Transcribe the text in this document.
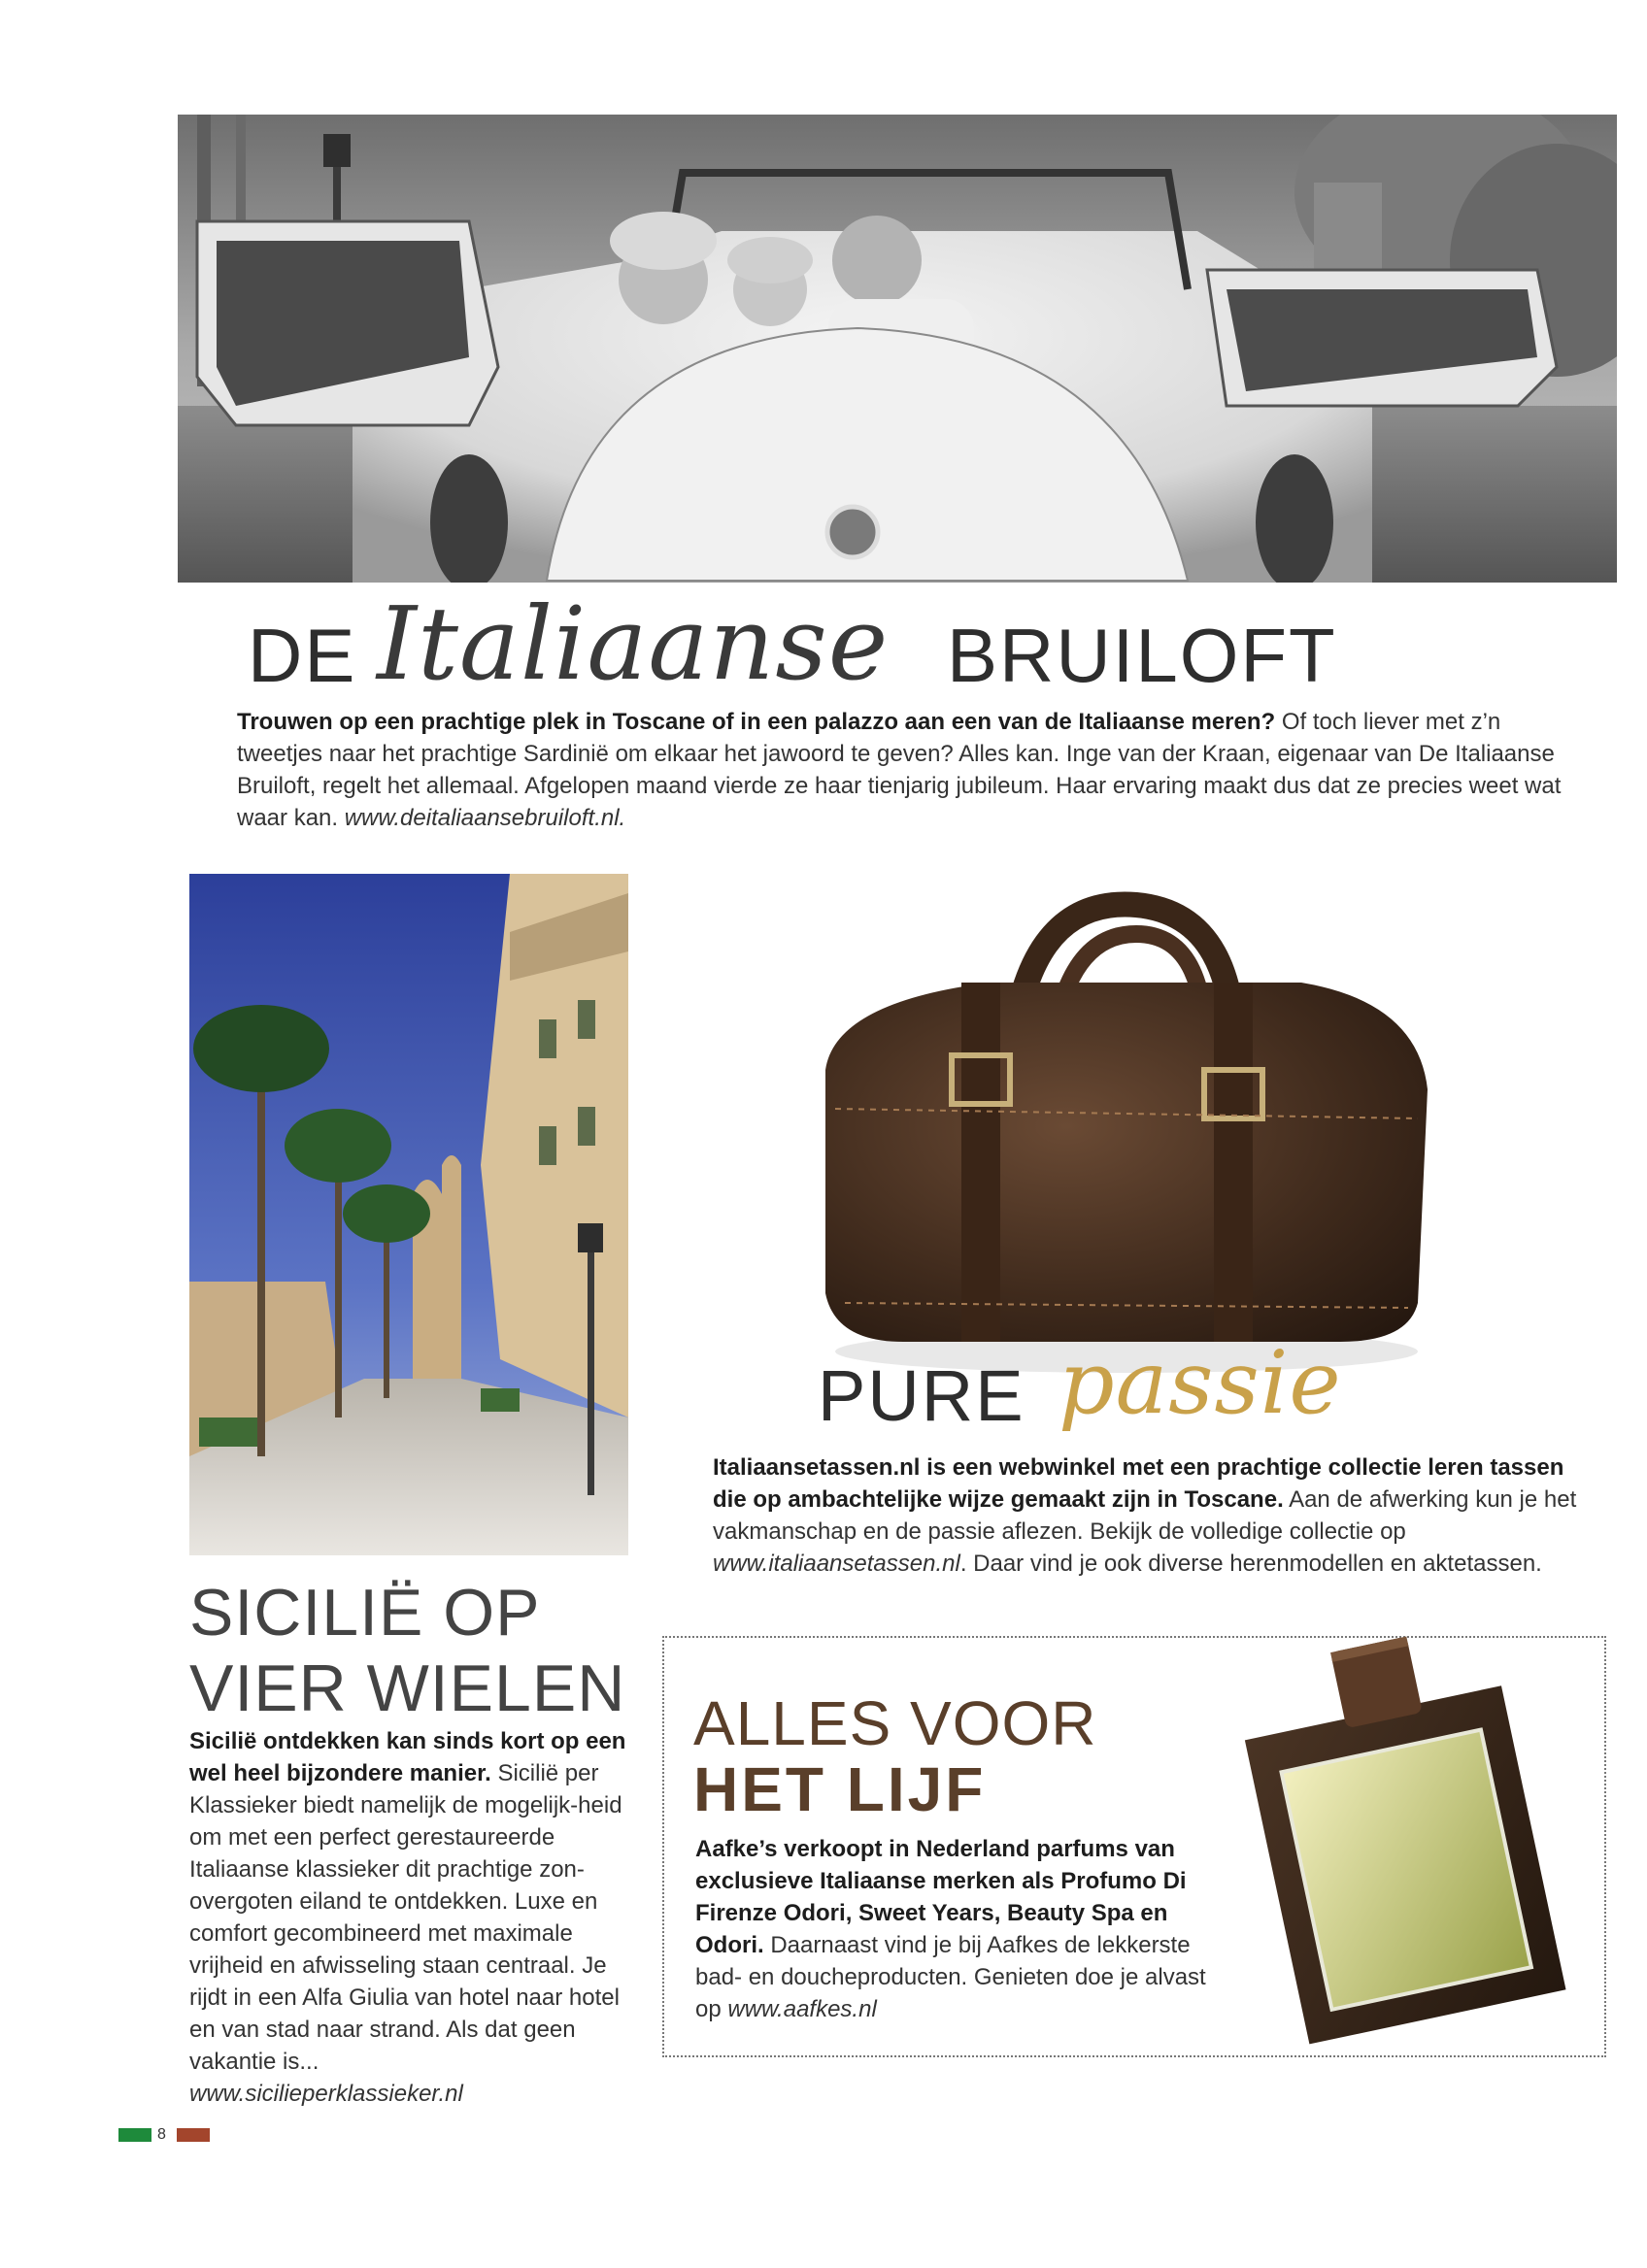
DE Italiaanse BRUILOFT
Trouwen op een prachtige plek in Toscane of in een palazzo aan een van de Italiaanse meren? Of toch liever met z’n tweetjes naar het prachtige Sardinië om elkaar het jawoord te geven? Alles kan. Inge van der Kraan, eigenaar van De Italiaanse Bruiloft, regelt het allemaal. Afgelopen maand vierde ze haar tienjarig jubileum. Haar ervaring maakt dus dat ze precies weet wat waar kan. www.deitaliaansebruiloft.nl.
PURE passie
Italiaansetassen.nl is een webwinkel met een prachtige collectie leren tassen die op ambachtelijke wijze gemaakt zijn in Toscane. Aan de afwerking kun je het vakmanschap en de passie aflezen. Bekijk de volledige collectie op www.italiaansetassen.nl. Daar vind je ook diverse herenmodellen en aktetassen.
SICILIË OP
VIER WIELEN
Sicilië ontdekken kan sinds kort op een wel heel bijzondere manier. Sicilië per Klassieker biedt namelijk de mogelijk-heid om met een perfect gerestaureerde Italiaanse klassieker dit prachtige zon-overgoten eiland te ontdekken. Luxe en comfort gecombineerd met maximale vrijheid en afwisseling staan centraal. Je rijdt in een Alfa Giulia van hotel naar hotel en van stad naar strand. Als dat geen vakantie is...
www.sicilieperklassieker.nl
ALLES VOOR
HET LIJF
Aafke’s verkoopt in Nederland parfums van exclusieve Italiaanse merken als Profumo Di Firenze Odori, Sweet Years, Beauty Spa en Odori. Daarnaast vind je bij Aafkes de lekkerste bad- en doucheproducten. Genieten doe je alvast op www.aafkes.nl
8
